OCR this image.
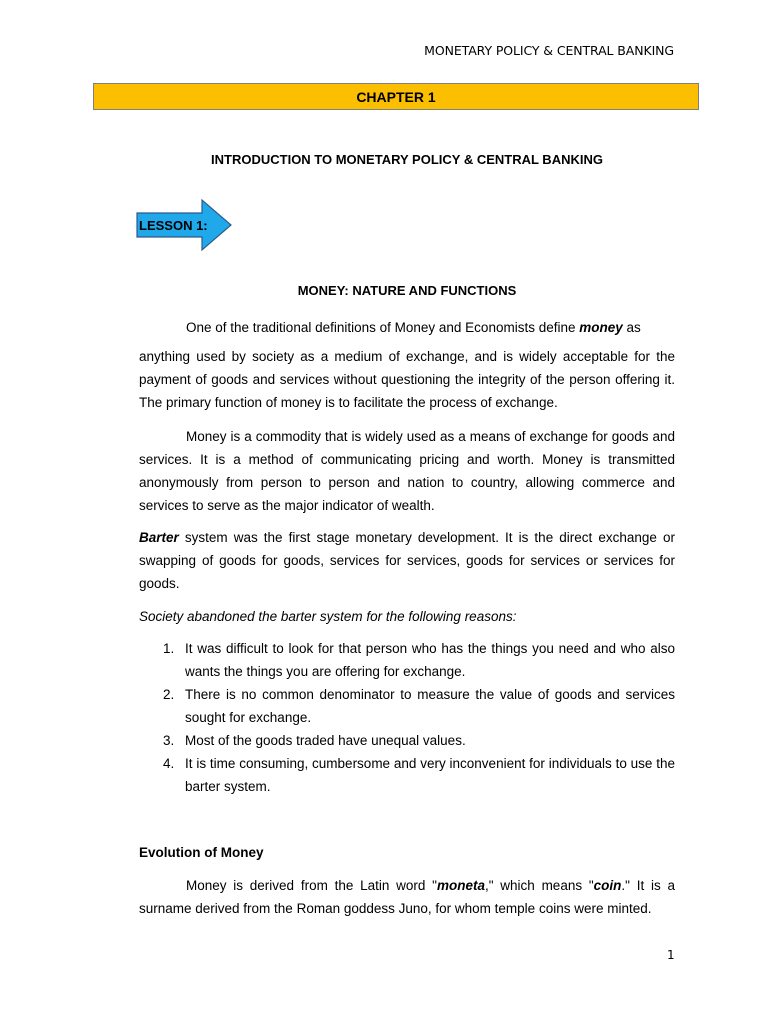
MONETARY POLICY & CENTRAL BANKING
CHAPTER 1
INTRODUCTION TO MONETARY POLICY & CENTRAL BANKING
LESSON 1:
MONEY: NATURE AND FUNCTIONS

One of the traditional definitions of Money and Economists define money as

anything used by society as a medium of exchange, and is widely acceptable for the payment of goods and services without questioning the integrity of the person offering it. The primary function of money is to facilitate the process of exchange.

Money is a commodity that is widely used as a means of exchange for goods and services. It is a method of communicating pricing and worth. Money is transmitted anonymously from person to person and nation to country, allowing commerce and services to serve as the major indicator of wealth.

Barter system was the first stage monetary development. It is the direct exchange or swapping of goods for goods, services for services, goods for services or services for goods.

Society abandoned the barter system for the following reasons:

1. It was difficult to look for that person who has the things you need and who also wants the things you are offering for exchange.
2. There is no common denominator to measure the value of goods and services sought for exchange.
3. Most of the goods traded have unequal values.
4. It is time consuming, cumbersome and very inconvenient for individuals to use the barter system.
Evolution of Money

Money is derived from the Latin word "moneta," which means "coin." It is a surname derived from the Roman goddess Juno, for whom temple coins were minted.

1
